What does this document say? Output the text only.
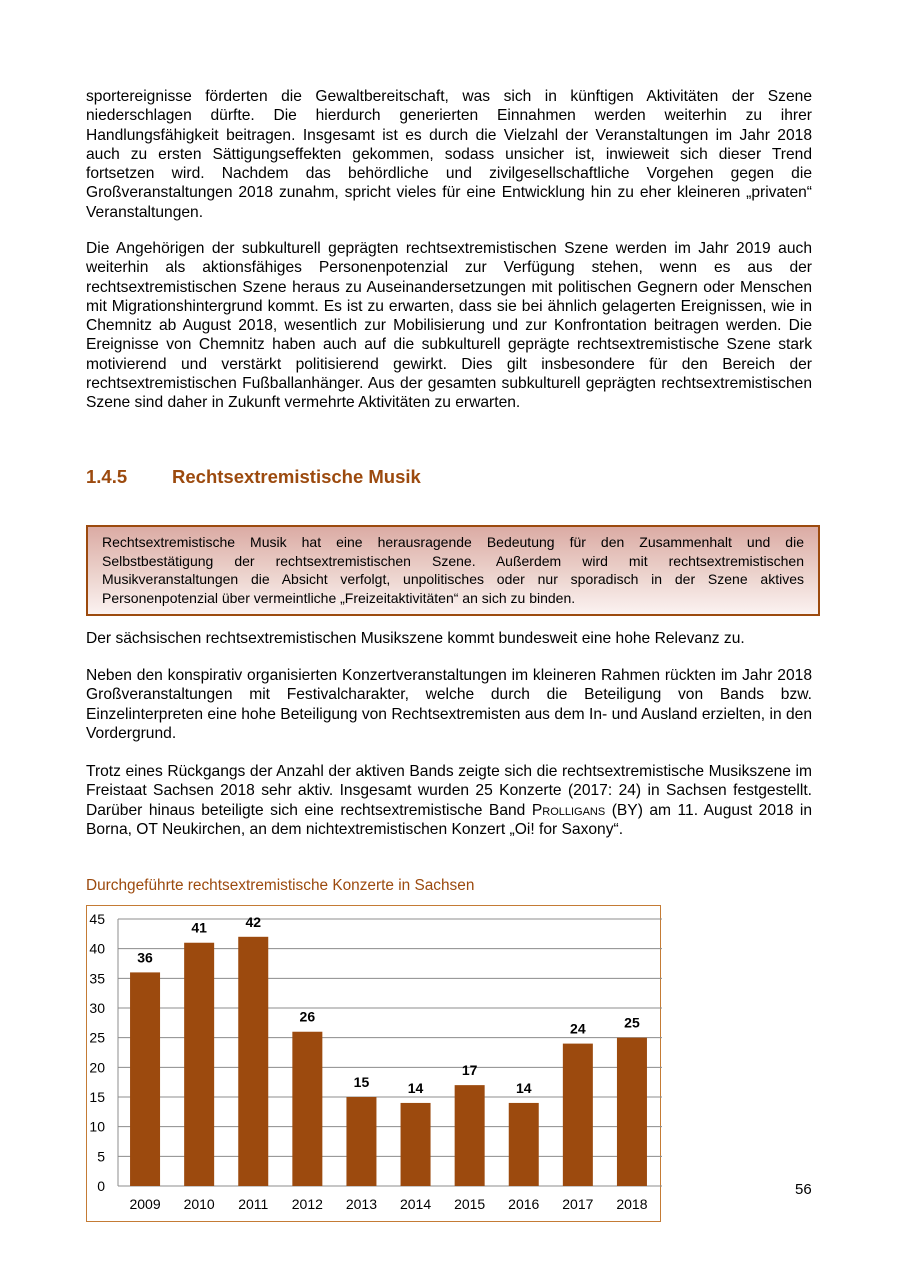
sportereignisse förderten die Gewaltbereitschaft, was sich in künftigen Aktivitäten der Szene niederschlagen dürfte. Die hierdurch generierten Einnahmen werden weiterhin zu ihrer Handlungsfähigkeit beitragen. Insgesamt ist es durch die Vielzahl der Veranstaltungen im Jahr 2018 auch zu ersten Sättigungseffekten gekommen, sodass unsicher ist, inwieweit sich dieser Trend fortsetzen wird. Nachdem das behördliche und zivilgesellschaftliche Vorgehen gegen die Großveranstaltungen 2018 zunahm, spricht vieles für eine Entwicklung hin zu eher kleineren „privaten“ Veranstaltungen.

Die Angehörigen der subkulturell geprägten rechtsextremistischen Szene werden im Jahr 2019 auch weiterhin als aktionsfähiges Personenpotenzial zur Verfügung stehen, wenn es aus der rechtsextremistischen Szene heraus zu Auseinandersetzungen mit politischen Gegnern oder Menschen mit Migrationshintergrund kommt. Es ist zu erwarten, dass sie bei ähnlich gelagerten Ereignissen, wie in Chemnitz ab August 2018, wesentlich zur Mobilisierung und zur Konfrontation beitragen werden. Die Ereignisse von Chemnitz haben auch auf die subkulturell geprägte rechtsextremistische Szene stark motivierend und verstärkt politisierend gewirkt. Dies gilt insbesondere für den Bereich der rechtsextremistischen Fußballanhänger. Aus der gesamten subkulturell geprägten rechtsextremistischen Szene sind daher in Zukunft vermehrte Aktivitäten zu erwarten.

1.4.5 Rechtsextremistische Musik
Rechtsextremistische Musik hat eine herausragende Bedeutung für den Zusammenhalt und die Selbstbestätigung der rechtsextremistischen Szene. Außerdem wird mit rechtsextremistischen Musikveranstaltungen die Absicht verfolgt, unpolitisches oder nur sporadisch in der Szene aktives Personenpotenzial über vermeintliche „Freizeitaktivitäten“ an sich zu binden.

Der sächsischen rechtsextremistischen Musikszene kommt bundesweit eine hohe Relevanz zu.

Neben den konspirativ organisierten Konzertveranstaltungen im kleineren Rahmen rückten im Jahr 2018 Großveranstaltungen mit Festivalcharakter, welche durch die Beteiligung von Bands bzw. Einzelinterpreten eine hohe Beteiligung von Rechtsextremisten aus dem In- und Ausland erzielten, in den Vordergrund.

Trotz eines Rückgangs der Anzahl der aktiven Bands zeigte sich die rechtsextremistische Musikszene im Freistaat Sachsen 2018 sehr aktiv. Insgesamt wurden 25 Konzerte (2017: 24) in Sachsen festgestellt. Darüber hinaus beteiligte sich eine rechtsextremistische Band Prolligans (BY) am 11. August 2018 in Borna, OT Neukirchen, an dem nichtextremistischen Konzert „Oi! for Saxony“.

Durchgeführte rechtsextremistische Konzerte in Sachsen

0
5
10
15
20
25
30
35
40
45
36
2009
41
2010
42
2011
26
2012
15
2013
14
2014
17
2015
14
2016
24
2017
25
2018
56
